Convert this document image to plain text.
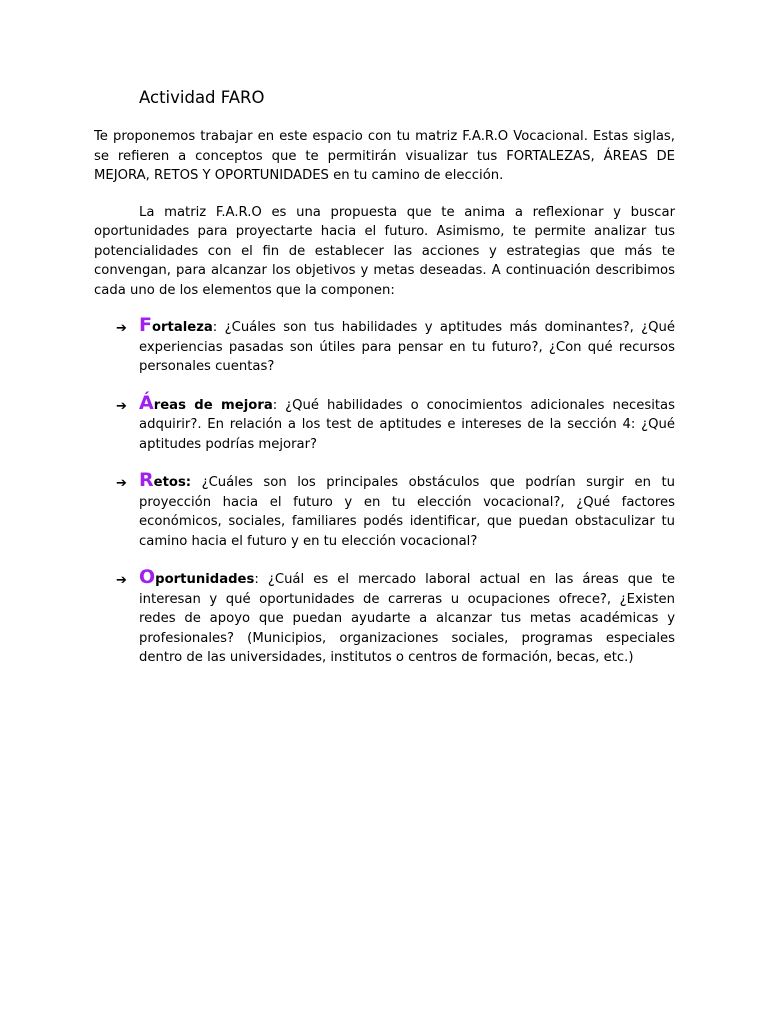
Actividad FARO

Te proponemos trabajar en este espacio con tu matriz F.A.R.O Vocacional. Estas siglas, se refieren a conceptos que te permitirán visualizar tus FORTALEZAS, ÁREAS DE MEJORA, RETOS Y OPORTUNIDADES en tu camino de elección.

La matriz F.A.R.O es una propuesta que te anima a reflexionar y buscar oportunidades para proyectarte hacia el futuro. Asimismo, te permite analizar tus potencialidades con el fin de establecer las acciones y estrategias que más te convengan, para alcanzar los objetivos y metas deseadas. A continuación describimos cada uno de los elementos que la componen:

➔ Fortaleza: ¿Cuáles son tus habilidades y aptitudes más dominantes?, ¿Qué experiencias pasadas son útiles para pensar en tu futuro?, ¿Con qué recursos personales cuentas?

➔ Áreas de mejora: ¿Qué habilidades o conocimientos adicionales necesitas adquirir?. En relación a los test de aptitudes e intereses de la sección 4: ¿Qué aptitudes podrías mejorar?

➔ Retos: ¿Cuáles son los principales obstáculos que podrían surgir en tu proyección hacia el futuro y en tu elección vocacional?, ¿Qué factores económicos, sociales, familiares podés identificar, que puedan obstaculizar tu camino hacia el futuro y en tu elección vocacional?

➔ Oportunidades: ¿Cuál es el mercado laboral actual en las áreas que te interesan y qué oportunidades de carreras u ocupaciones ofrece?, ¿Existen redes de apoyo que puedan ayudarte a alcanzar tus metas académicas y profesionales? (Municipios, organizaciones sociales, programas especiales dentro de las universidades, institutos o centros de formación, becas, etc.)
